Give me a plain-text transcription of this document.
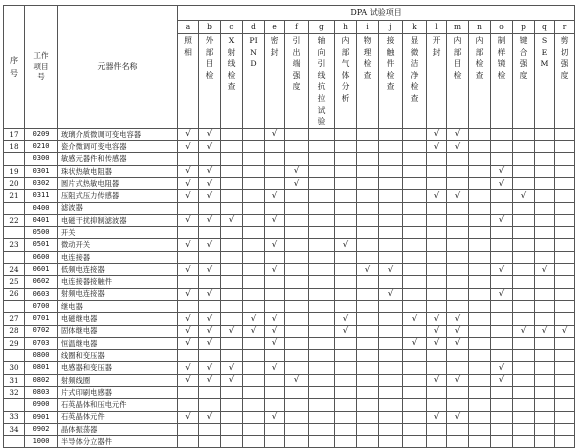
序号	工作项目号	元器件名称	DPA 试验项目																	
			a	b	c	d	e	f	g	h	i	j	k	l	m	n	o	p	q	r

			照相	外部目检	X射线检查	PIND	密封	引出端强度	轴向引线抗拉试验	内部气体分析	物理检查	接触件检查	显微洁净检查	开封	内部目检	内部检查	制样镜检	键合强度	SEM	剪切强度

17	0209	玻璃介质微调可变电容器	√	√			√							√	√					
18	0210	瓷介微调可变电容器	√	√										√	√					
	0300	敏感元器件和传感器																		
19	0301	珠状热敏电阻器	√	√				√									√			
20	0302	圆片式热敏电阻器	√	√				√									√			
21	0311	压阻式压力传感器	√	√			√							√	√			√		
	0400	滤波器																		
22	0401	电磁干扰抑制滤波器	√	√	√		√										√			
	0500	开关																		
23	0501	微动开关	√	√			√			√										
	0600	电连接器																		
24	0601	低频电连接器	√	√			√				√	√					√		√	
25	0602	电连接器接触件																		
26	0603	射频电连接器	√	√								√					√			
	0700	继电器																		
27	0701	电磁继电器	√	√		√	√			√			√	√	√					
28	0702	固体继电器	√	√	√	√	√			√				√	√			√	√	√
29	0703	恒温继电器	√	√			√						√	√	√					
	0800	线圈和变压器																		
30	0801	电感器和变压器	√	√	√		√										√			
31	0802	射频线圈	√	√	√			√						√	√		√			
32	0803	片式印刷电感器																		
	0900	石英晶体和压电元件																		
33	0901	石英晶体元件	√	√			√							√	√					
34	0902	晶体振荡器																		
	1000	半导体分立器件																		
